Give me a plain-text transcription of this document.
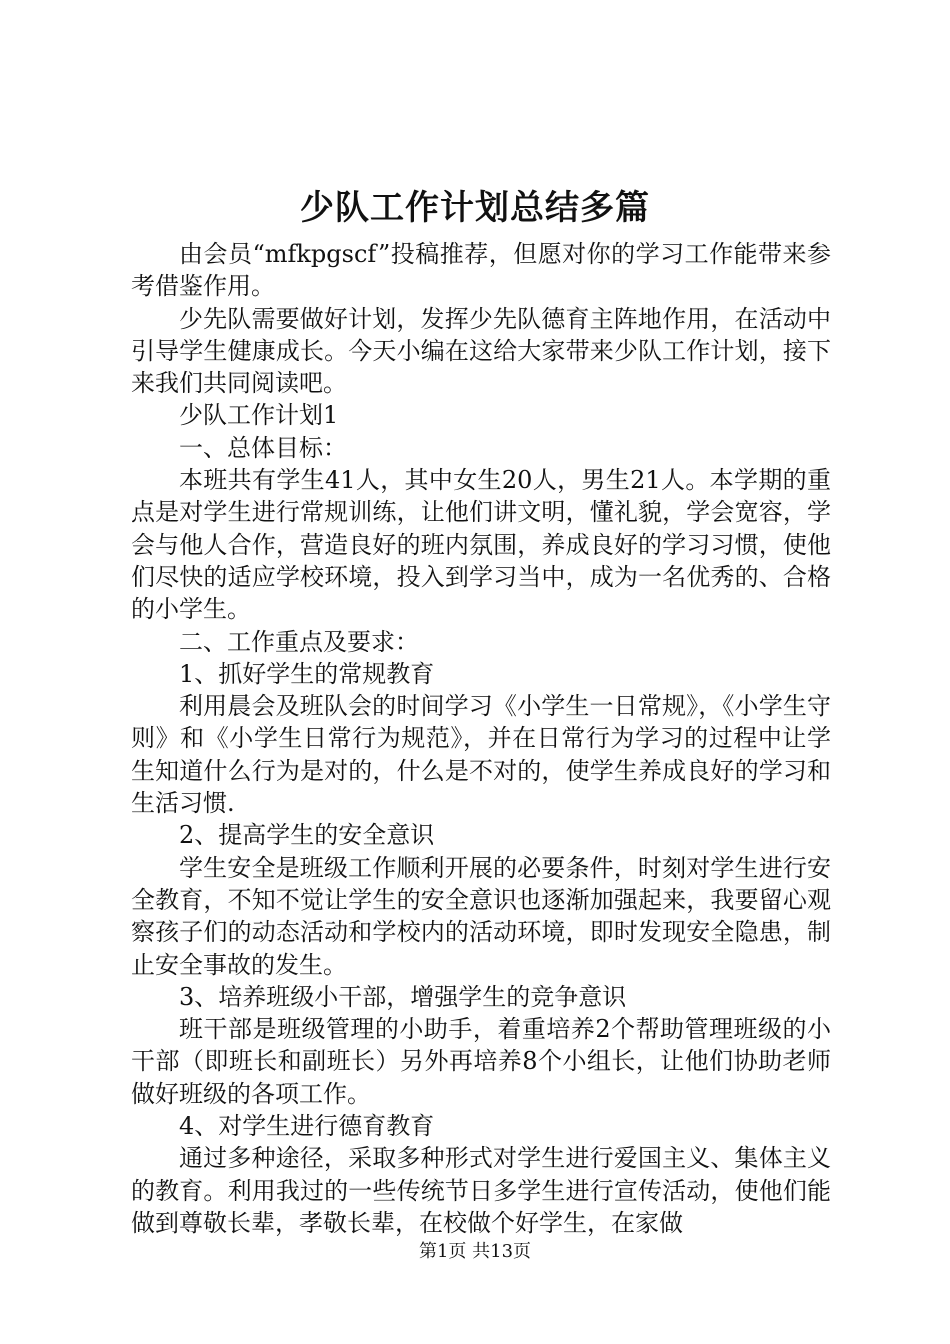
少队工作计划总结多篇

由会员“mfkpgscf”投稿推荐，但愿对你的学习工作能带来参考借鉴作用。

少先队需要做好计划，发挥少先队德育主阵地作用，在活动中引导学生健康成长。今天小编在这给大家带来少队工作计划，接下来我们共同阅读吧。

少队工作计划1

一、总体目标：

本班共有学生41人，其中女生20人，男生21人。本学期的重点是对学生进行常规训练，让他们讲文明，懂礼貌，学会宽容，学会与他人合作，营造良好的班内氛围，养成良好的学习习惯，使他们尽快的适应学校环境，投入到学习当中，成为一名优秀的、合格的小学生。

二、工作重点及要求：

1、抓好学生的常规教育

利用晨会及班队会的时间学习《小学生一日常规》，《小学生守则》和《小学生日常行为规范》，并在日常行为学习的过程中让学生知道什么行为是对的，什么是不对的，使学生养成良好的学习和生活习惯.

2、提高学生的安全意识

学生安全是班级工作顺利开展的必要条件，时刻对学生进行安全教育，不知不觉让学生的安全意识也逐渐加强起来，我要留心观察孩子们的动态活动和学校内的活动环境，即时发现安全隐患，制止安全事故的发生。

3、培养班级小干部，增强学生的竞争意识

班干部是班级管理的小助手，着重培养2个帮助管理班级的小干部（即班长和副班长）另外再培养8个小组长，让他们协助老师做好班级的各项工作。

4、对学生进行德育教育

通过多种途径，采取多种形式对学生进行爱国主义、集体主义的教育。利用我过的一些传统节日多学生进行宣传活动，使他们能做到尊敬长辈，孝敬长辈，在校做个好学生，在家做

第1页 共13页
